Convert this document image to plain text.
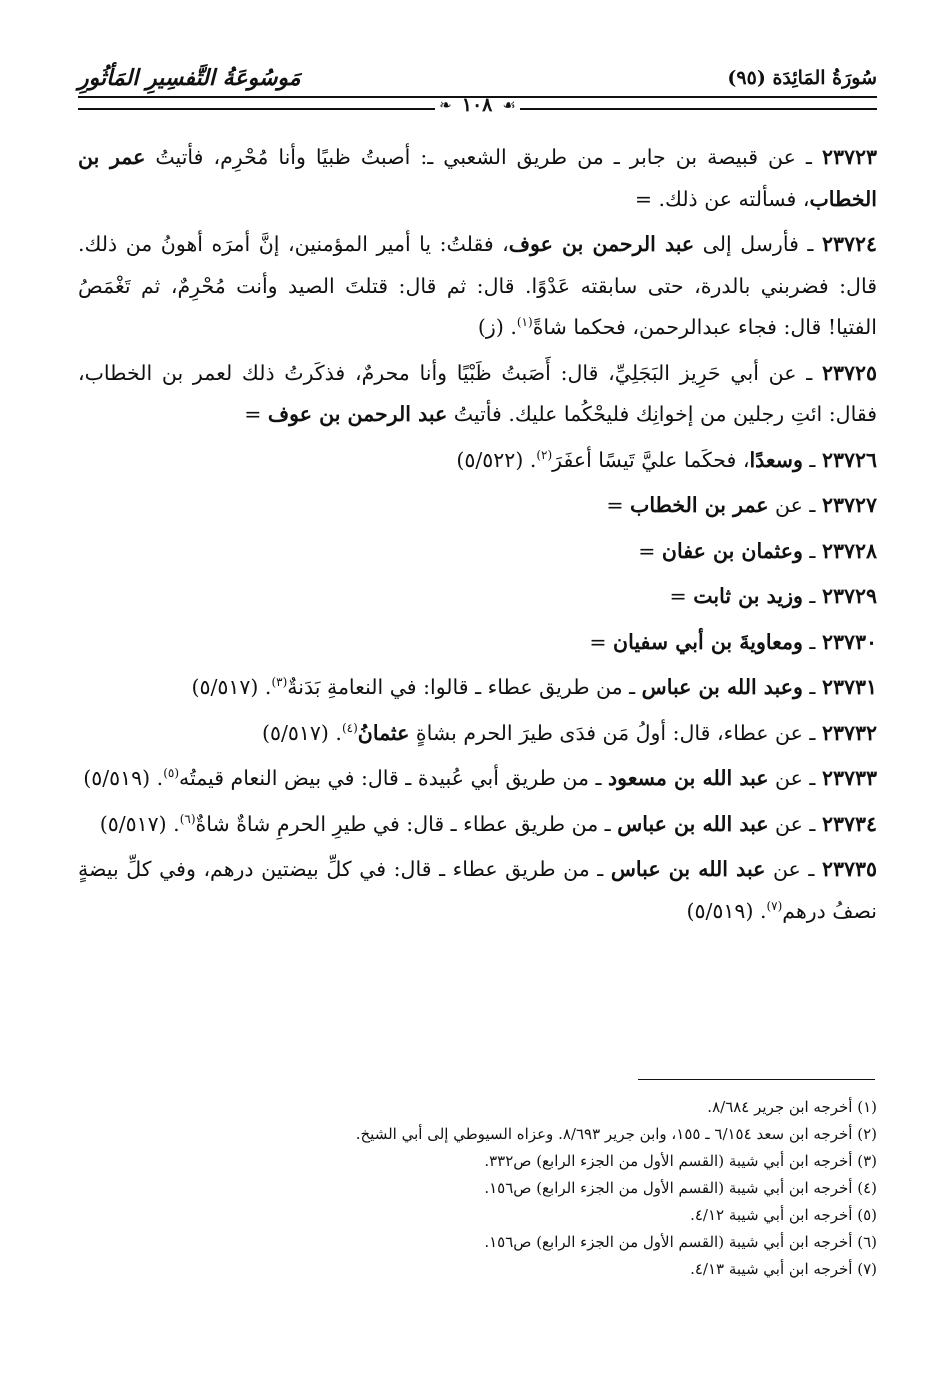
سُورَةُ المَائِدَة (٩٥)
مَوسُوعَةُ التَّفسِيرِ المَأثُورِ
☙
١٠٨
❧

٢٣٧٢٣ ـ عن قبيصة بن جابر ـ من طريق الشعبي ـ: أصبتُ ظبيًا وأنا مُحْرِم، فأتيتُ عمر بن الخطاب، فسألته عن ذلك. =

٢٣٧٢٤ ـ فأرسل إلى عبد الرحمن بن عوف، فقلتُ: يا أمير المؤمنين، إنَّ أمرَه أهونُ من ذلك. قال: فضربني بالدرة، حتى سابقته عَدْوًا. قال: ثم قال: قتلتَ الصيد وأنت مُحْرِمٌ، ثم تَغْمَصُ الفتيا! قال: فجاء عبدالرحمن، فحكما شاةً$^{(١)}$. (ز)

٢٣٧٢٥ ـ عن أبي حَرِيز البَجَلِيِّ، قال: أَصَبتُ ظَبْيًا وأنا محرمٌ، فذكَرتُ ذلك لعمر بن الخطاب، فقال: ائتِ رجلين من إخوانِك فليحْكُما عليك. فأتيتُ عبد الرحمن بن عوف =

٢٣٧٢٦ ـ وسعدًا، فحكَما عليَّ تَيسًا أعفَرَ$^{(٢)}$. (٥/٥٢٢)

٢٣٧٢٧ ـ عن عمر بن الخطاب =

٢٣٧٢٨ ـ وعثمان بن عفان =

٢٣٧٢٩ ـ وزيد بن ثابت =

٢٣٧٣٠ ـ ومعاويةَ بن أبي سفيان =

٢٣٧٣١ ـ وعبد الله بن عباس ـ من طريق عطاء ـ قالوا: في النعامةِ بَدَنةٌ$^{(٣)}$. (٥/٥١٧)

٢٣٧٣٢ ـ عن عطاء، قال: أولُ مَن فدَى طيرَ الحرم بشاةٍ عثمانُ$^{(٤)}$. (٥/٥١٧)

٢٣٧٣٣ ـ عن عبد الله بن مسعود ـ من طريق أبي عُبيدة ـ قال: في بيض النعام قيمتُه$^{(٥)}$. (٥/٥١٩)

٢٣٧٣٤ ـ عن عبد الله بن عباس ـ من طريق عطاء ـ قال: في طيرِ الحرمِ شاةٌ شاةٌ$^{(٦)}$. (٥/٥١٧)

٢٣٧٣٥ ـ عن عبد الله بن عباس ـ من طريق عطاء ـ قال: في كلِّ بيضتين درهم، وفي كلِّ بيضةٍ نصفُ درهم$^{(٧)}$. (٥/٥١٩)

(١) أخرجه ابن جرير ٨/٦٨٤.
(٢) أخرجه ابن سعد ٦/١٥٤ ـ ١٥٥، وابن جرير ٨/٦٩٣. وعزاه السيوطي إلى أبي الشيخ.
(٣) أخرجه ابن أبي شيبة (القسم الأول من الجزء الرابع) ص٣٣٢.
(٤) أخرجه ابن أبي شيبة (القسم الأول من الجزء الرابع) ص١٥٦.
(٥) أخرجه ابن أبي شيبة ٤/١٢.
(٦) أخرجه ابن أبي شيبة (القسم الأول من الجزء الرابع) ص١٥٦.
(٧) أخرجه ابن أبي شيبة ٤/١٣.
